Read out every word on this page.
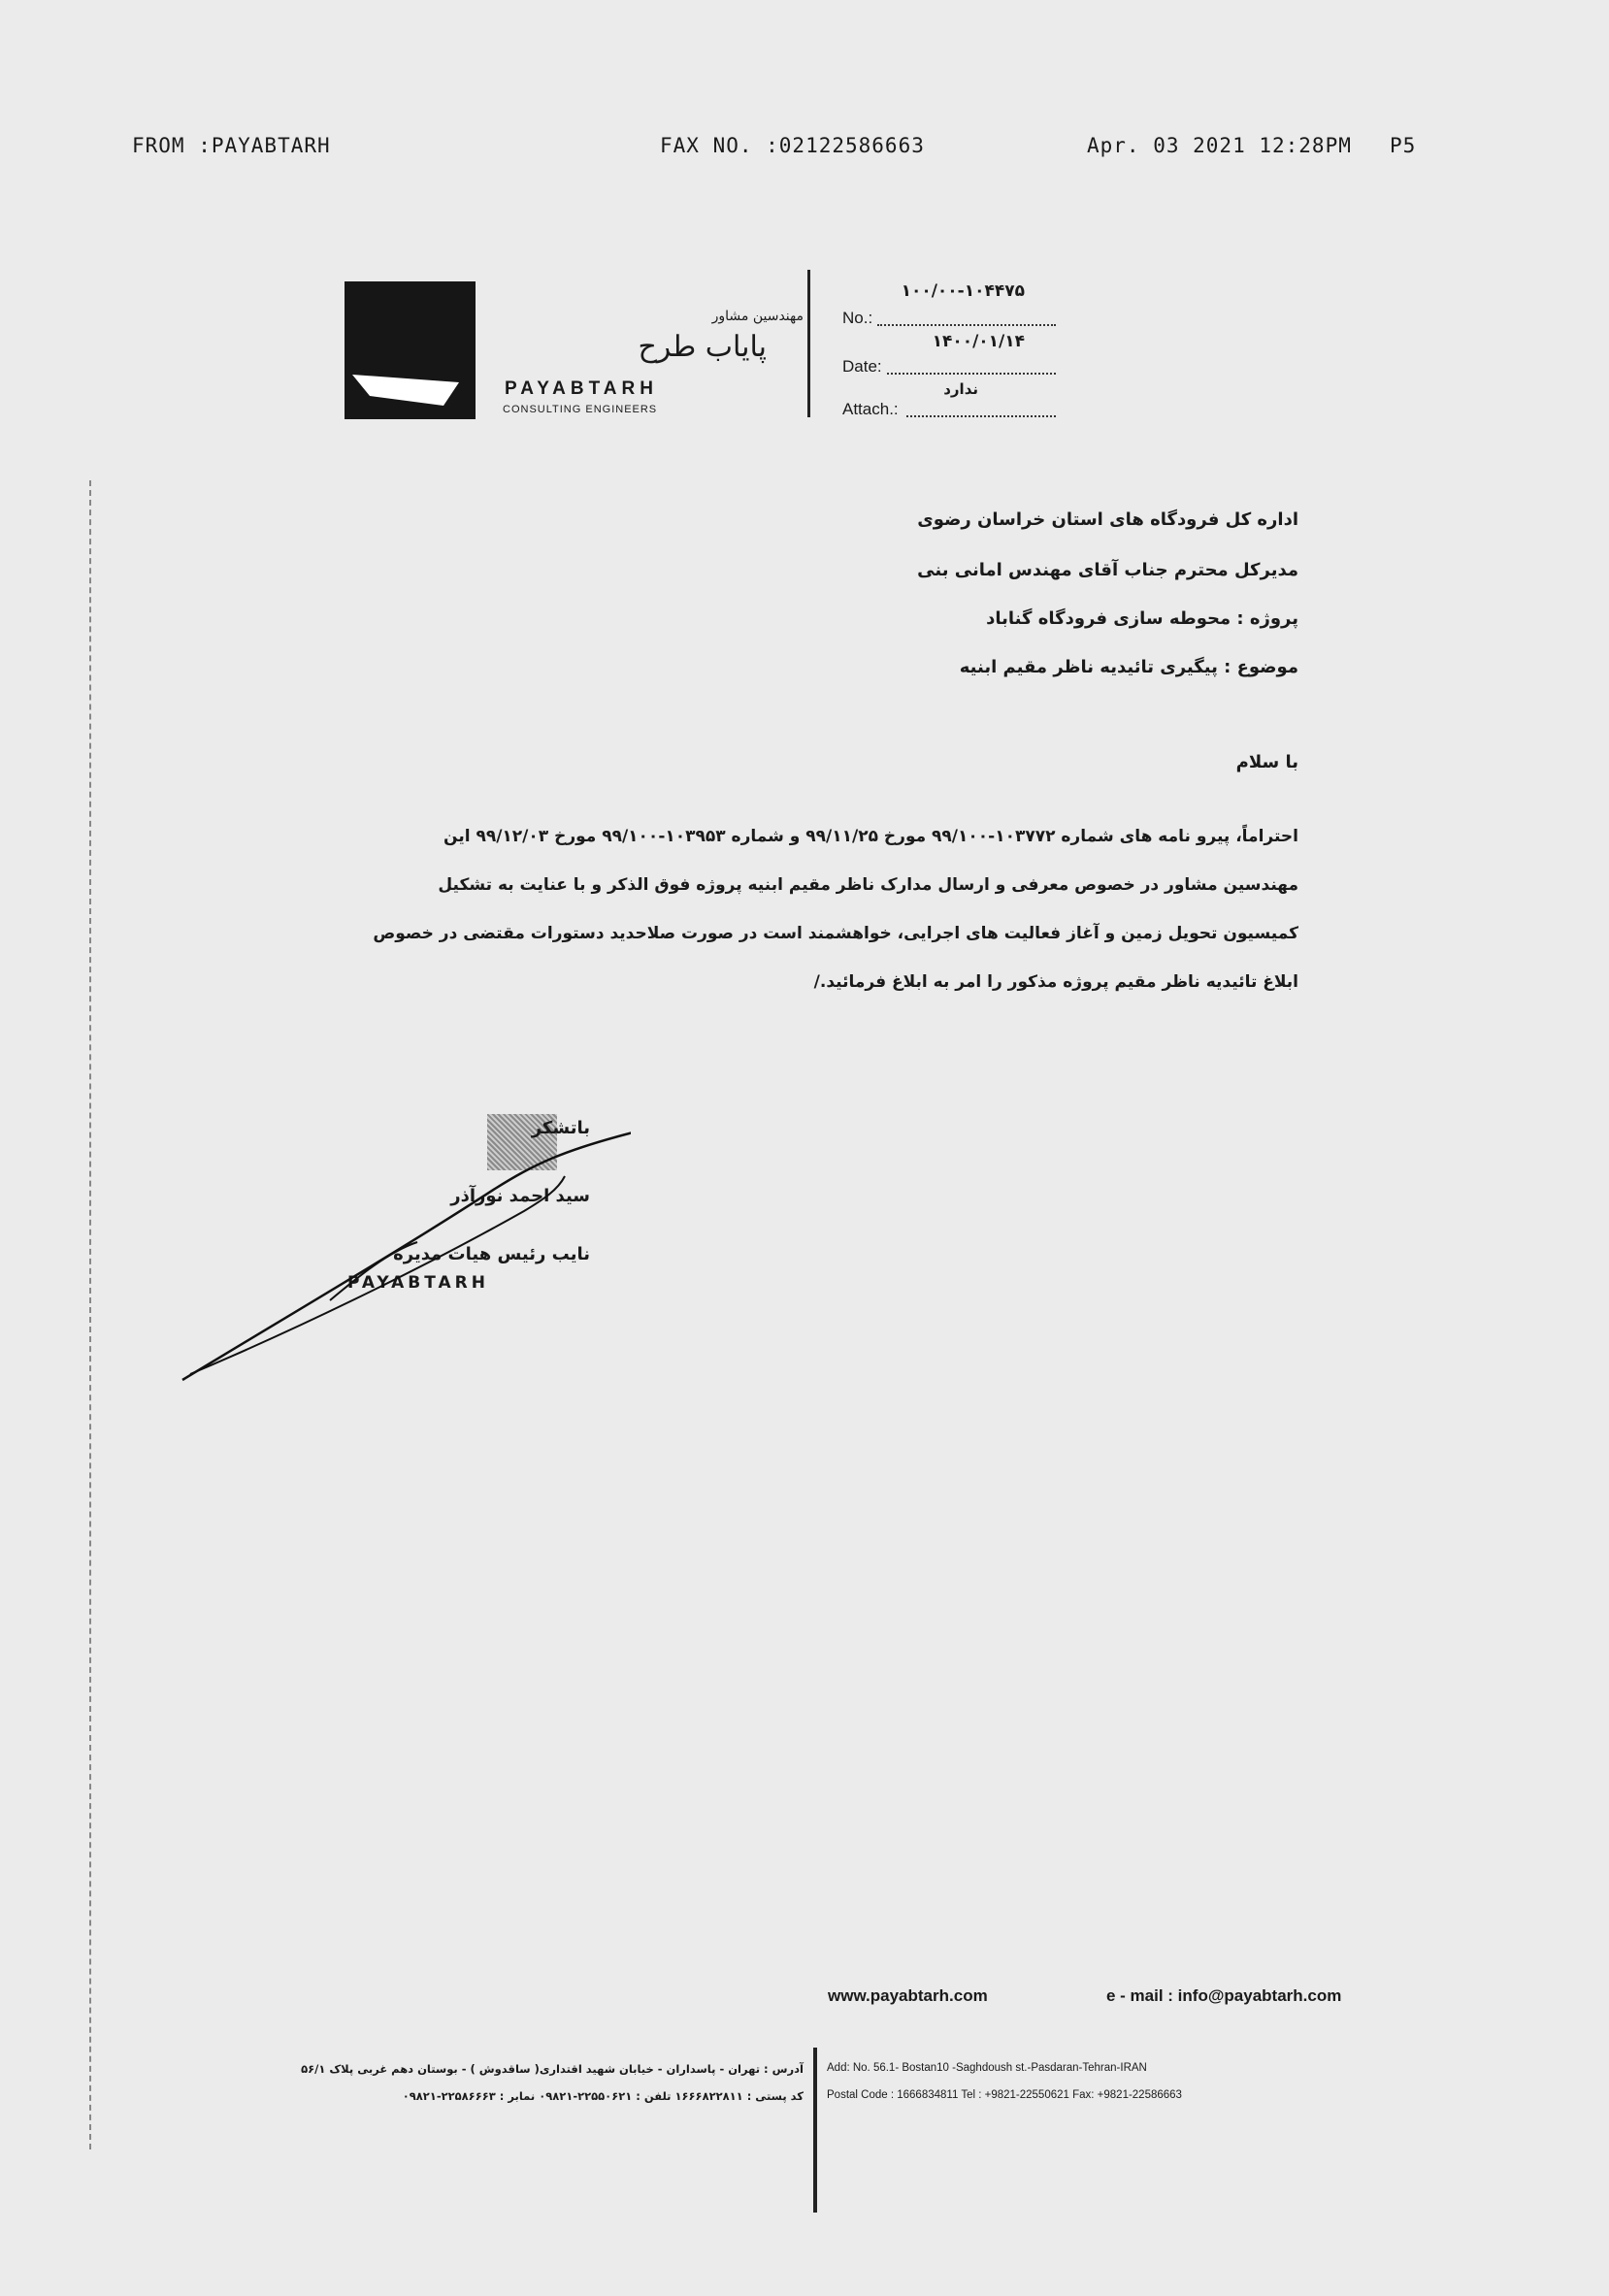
FROM :PAYABTARH	FAX NO. :02122586663	Apr. 03 2021 12:28PM P5
مهندسین مشاور
پایاب طرح
PAYABTARH
CONSULTING ENGINEERS
۱۰۰/۰۰-۱۰۴۴۷۵
No.:
۱۴۰۰/۰۱/۱۴
Date:
ندارد
Attach.:
اداره کل فرودگاه های استان خراسان رضوی
مدیرکل محترم جناب آقای مهندس امانی بنی
پروژه : محوطه سازی فرودگاه گناباد
موضوع : پیگیری تائیدیه ناظر مقیم ابنیه
با سلام
احتراماً، پیرو نامه های شماره ۱۰۳۷۷۲-۹۹/۱۰۰ مورخ ۹۹/۱۱/۲۵ و شماره ۱۰۳۹۵۳-۹۹/۱۰۰ مورخ ۹۹/۱۲/۰۳ این
مهندسین مشاور در خصوص معرفی و ارسال مدارک ناظر مقیم ابنیه پروژه فوق الذکر و با عنایت به تشکیل
کمیسیون تحویل زمین و آغاز فعالیت های اجرایی، خواهشمند است در صورت صلاحدید دستورات مقتضی در خصوص
ابلاغ تائیدیه ناظر مقیم پروژه مذکور را امر به ابلاغ فرمائید./
باتشکر
سید احمد نورآذر
نایب رئیس هیات مدیره
PAYABTARH
www.payabtarh.com	e - mail : info@payabtarh.com
آدرس : تهران - پاسداران - خیابان شهید اقتداری( ساقدوش ) - بوستان دهم غربی پلاک ۵۶/۱
کد پستی : ۱۶۶۶۸۲۲۸۱۱ تلفن : ۲۲۵۵۰۶۲۱-۰۹۸۲۱ نمابر : ۲۲۵۸۶۶۶۳-۰۹۸۲۱
Add: No. 56.1- Bostan10 -Saghdoush st.-Pasdaran-Tehran-IRAN
Postal Code : 1666834811 Tel : +9821-22550621 Fax: +9821-22586663
